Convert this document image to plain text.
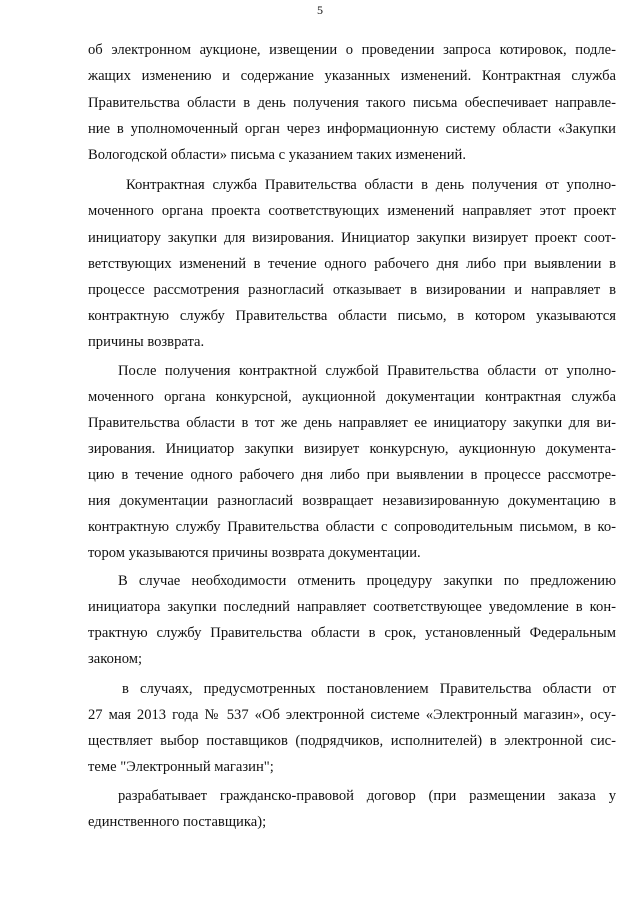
5
об электронном аукционе, извещении о проведении запроса котировок, подле-
жащих изменению и содержание указанных изменений. Контрактная служба
Правительства области в день получения такого письма обеспечивает направле-
ние в уполномоченный орган через информационную систему области «Закупки
Вологодской области» письма с указанием таких изменений.
Контрактная служба Правительства области в день получения от уполно-
моченного органа проекта соответствующих изменений направляет этот проект
инициатору закупки для визирования. Инициатор закупки визирует проект соот-
ветствующих изменений в течение одного рабочего дня либо при выявлении в
процессе рассмотрения разногласий отказывает в визировании и направляет в
контрактную службу Правительства области письмо, в котором указываются
причины возврата.
После получения контрактной службой Правительства области от уполно-
моченного органа конкурсной, аукционной документации контрактная служба
Правительства области в тот же день направляет ее инициатору закупки для ви-
зирования. Инициатор закупки визирует конкурсную, аукционную документа-
цию в течение одного рабочего дня либо при выявлении в процессе рассмотре-
ния документации разногласий возвращает незавизированную документацию в
контрактную службу Правительства области с сопроводительным письмом, в ко-
тором указываются причины возврата документации.
В случае необходимости отменить процедуру закупки по предложению
инициатора закупки последний направляет соответствующее уведомление в кон-
трактную службу Правительства области в срок, установленный Федеральным
законом;
в случаях, предусмотренных постановлением Правительства области от
27 мая 2013 года № 537 «Об электронной системе «Электронный магазин», осу-
ществляет выбор поставщиков (подрядчиков, исполнителей) в электронной сис-
теме "Электронный магазин";
разрабатывает гражданско-правовой договор (при размещении заказа у
единственного поставщика);
